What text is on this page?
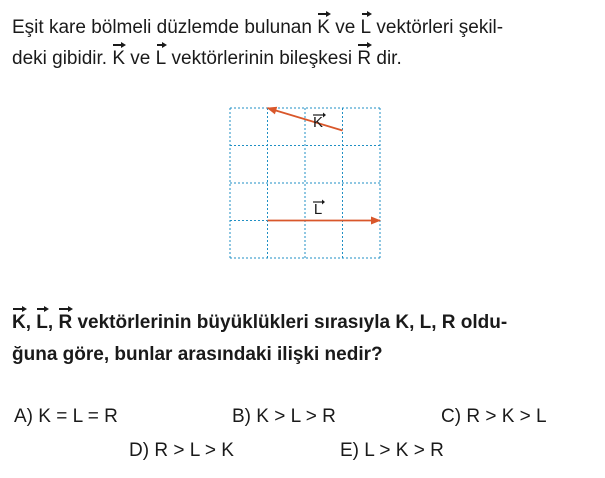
Eşit kare bölmeli düzlemde bulunan K ve L vektörleri şekil-
deki gibidir. K ve L vektörlerinin bileşkesi R dir.
K
L
K, L, R vektörlerinin büyüklükleri sırasıyla K, L, R oldu-
ğuna göre, bunlar arasındaki ilişki nedir?
A) K = L = R	B) K > L > R	C) R > K > L
D) R > L > K	E) L > K > R
